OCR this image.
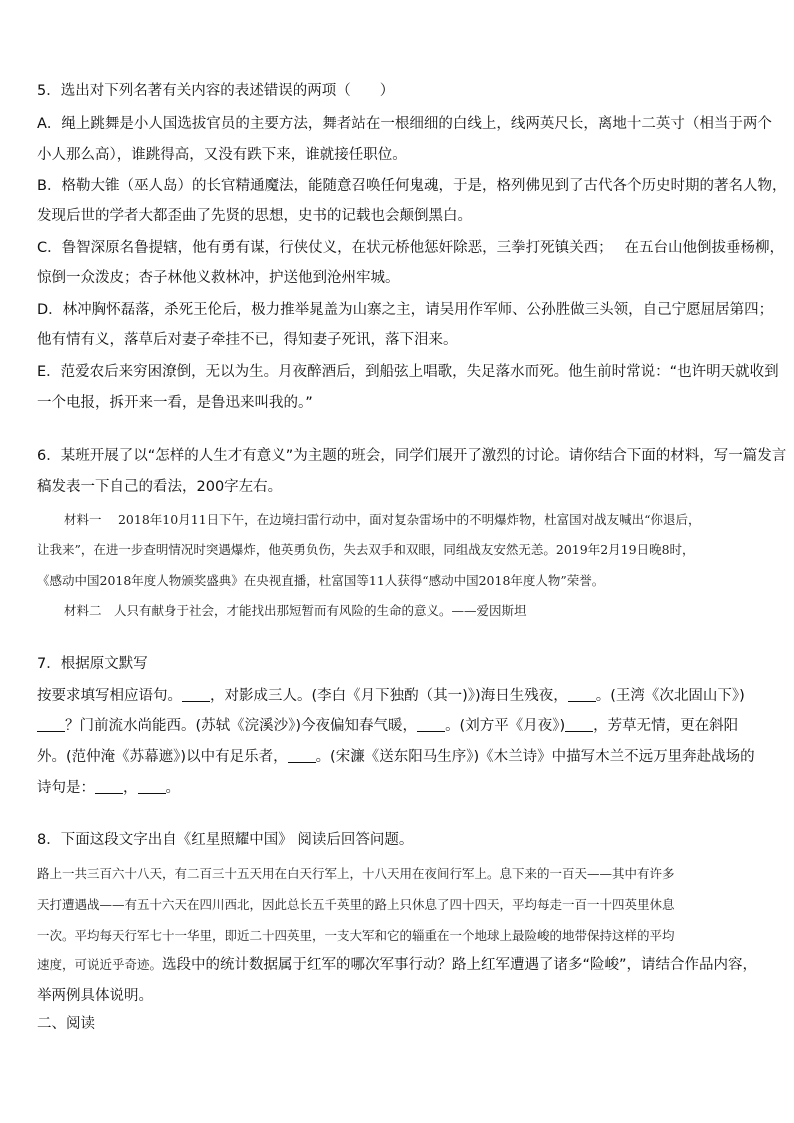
5．选出对下列名著有关内容的表述错误的两项（　　）
A．绳上跳舞是小人国选拔官员的主要方法，舞者站在一根细细的白线上，线两英尺长，离地十二英寸（相当于两个
小人那么高），谁跳得高，又没有跌下来，谁就接任职位。
B．格勒大锥（巫人岛）的长官精通魔法，能随意召唤任何鬼魂，于是，格列佛见到了古代各个历史时期的著名人物，
发现后世的学者大都歪曲了先贤的思想，史书的记载也会颠倒黑白。
C．鲁智深原名鲁提辖，他有勇有谋，行侠仗义，在状元桥他惩奸除恶，三拳打死镇关西；　 在五台山他倒拔垂杨柳，
惊倒一众泼皮；杏子林他义救林冲，护送他到沧州牢城。
D．林冲胸怀磊落，杀死王伦后，极力推举晁盖为山寨之主，请吴用作军师、公孙胜做三头领，自己宁愿屈居第四；
他有情有义，落草后对妻子牵挂不已，得知妻子死讯，落下泪来。
E．范爱农后来穷困潦倒，无以为生。月夜醉酒后，到船弦上唱歌，失足落水而死。他生前时常说：“也许明天就收到
一个电报，拆开来一看，是鲁迅来叫我的。”
6．某班开展了以“怎样的人生才有意义”为主题的班会，同学们展开了激烈的讨论。请你结合下面的材料，写一篇发言
稿发表一下自己的看法，200字左右。
材料一　 2018年10月11日下午，在边境扫雷行动中，面对复杂雷场中的不明爆炸物，杜富国对战友喊出“你退后，
让我来”，在进一步查明情况时突遇爆炸，他英勇负伤，失去双手和双眼，同组战友安然无恙。2019年2月19日晚8时，
《感动中国2018年度人物颁奖盛典》在央视直播，杜富国等11人获得“感动中国2018年度人物”荣誉。
材料二　人只有献身于社会，才能找出那短暂而有风险的生命的意义。——爱因斯坦
7．根据原文默写
按要求填写相应语句。 ，对影成三人。(李白《月下独酌（其一)》)海日生残夜， 。(王湾《次北固山下》)
？门前流水尚能西。(苏轼《浣溪沙》)今夜偏知春气暖， 。(刘方平《月夜》) ，芳草无情，更在斜阳
外。(范仲淹《苏幕遮》)以中有足乐者， 。(宋濂《送东阳马生序》)《木兰诗》中描写木兰不远万里奔赴战场的
诗句是： ， 。
8．下面这段文字出自《红星照耀中国》 阅读后回答问题。
路上一共三百六十八天，有二百三十五天用在白天行军上，十八天用在夜间行军上。息下来的一百天——其中有许多
天打遭遇战——有五十六天在四川西北，因此总长五千英里的路上只休息了四十四天，平均每走一百一十四英里休息
一次。平均每天行军七十一华里，即近二十四英里，一支大军和它的辎重在一个地球上最险峻的地带保持这样的平均
速度，可说近乎奇迹。选段中的统计数据属于红军的哪次军事行动？路上红军遭遇了诸多“险峻”，请结合作品内容，
举两例具体说明。
二、阅读
